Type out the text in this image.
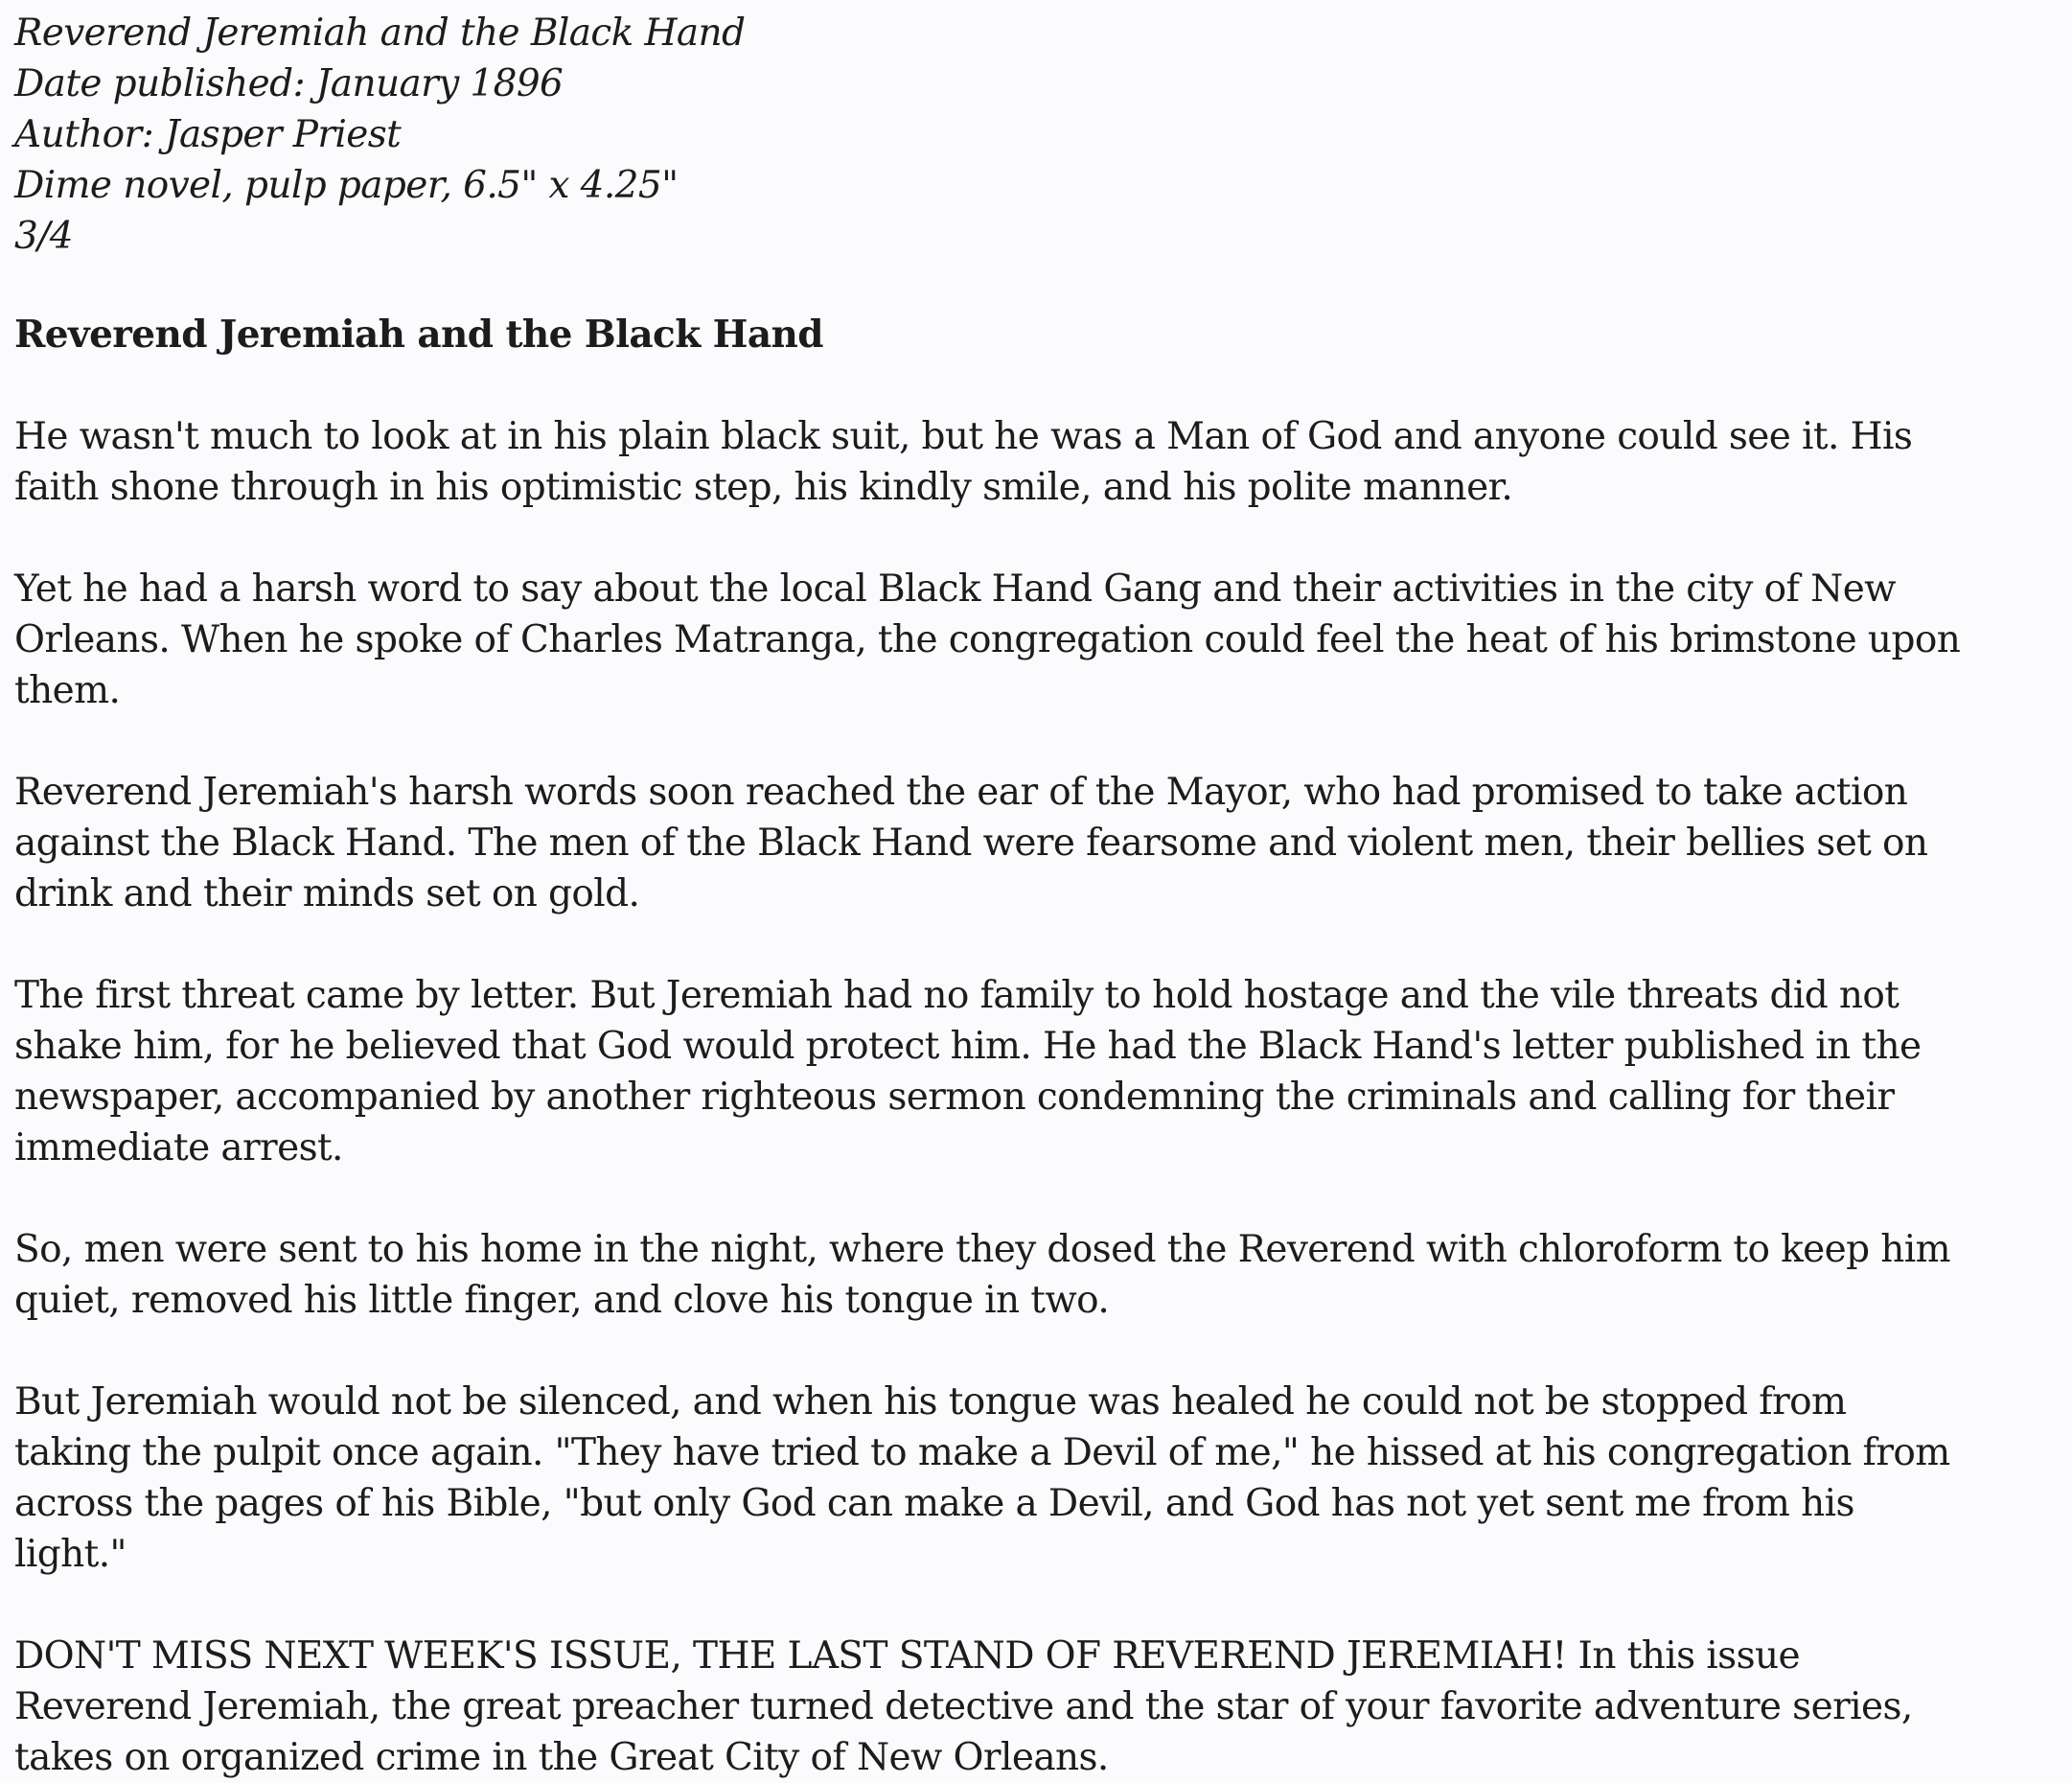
Reverend Jeremiah and the Black Hand

Date published: January 1896

Author: Jasper Priest

Dime novel, pulp paper, 6.5" x 4.25"

3/4

Reverend Jeremiah and the Black Hand

He wasn't much to look at in his plain black suit, but he was a Man of God and anyone could see it. His faith shone through in his optimistic step, his kindly smile, and his polite manner.

Yet he had a harsh word to say about the local Black Hand Gang and their activities in the city of New Orleans. When he spoke of Charles Matranga, the congregation could feel the heat of his brimstone upon them.

Reverend Jeremiah's harsh words soon reached the ear of the Mayor, who had promised to take action against the Black Hand. The men of the Black Hand were fearsome and violent men, their bellies set on drink and their minds set on gold.

The first threat came by letter. But Jeremiah had no family to hold hostage and the vile threats did not shake him, for he believed that God would protect him. He had the Black Hand's letter published in the newspaper, accompanied by another righteous sermon condemning the criminals and calling for their immediate arrest.

So, men were sent to his home in the night, where they dosed the Reverend with chloroform to keep him quiet, removed his little finger, and clove his tongue in two.

But Jeremiah would not be silenced, and when his tongue was healed he could not be stopped from taking the pulpit once again. "They have tried to make a Devil of me," he hissed at his congregation from across the pages of his Bible, "but only God can make a Devil, and God has not yet sent me from his light."

DON'T MISS NEXT WEEK'S ISSUE, THE LAST STAND OF REVEREND JEREMIAH! In this issue Reverend Jeremiah, the great preacher turned detective and the star of your favorite adventure series, takes on organized crime in the Great City of New Orleans.
